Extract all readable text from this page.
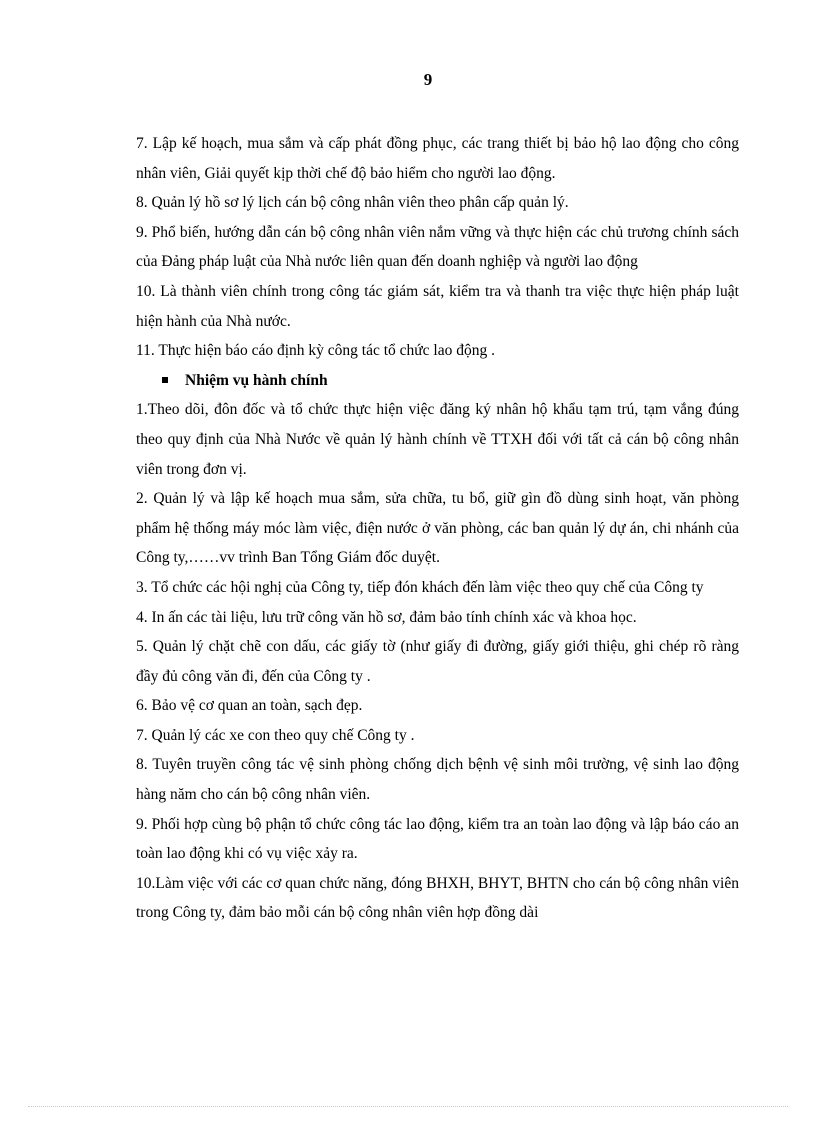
9

7. Lập kế hoạch, mua sắm và cấp phát đồng phục, các trang thiết bị bảo hộ lao động cho công nhân viên, Giải quyết kịp thời chế độ bảo hiểm cho người lao động.

8. Quản lý hồ sơ lý lịch cán bộ công nhân viên theo phân cấp quản lý.

9. Phổ biến, hướng dẫn cán bộ công nhân viên nắm vững và thực hiện các chủ trương chính sách của Đảng pháp luật của Nhà nước liên quan đến doanh nghiệp và người lao động

10. Là thành viên chính trong công tác giám sát, kiểm tra và thanh tra việc thực hiện pháp luật hiện hành của Nhà nước.

11. Thực hiện báo cáo định kỳ công tác tổ chức lao động .

Nhiệm vụ hành chính

1.Theo dõi, đôn đốc và tổ chức thực hiện việc đăng ký nhân hộ khẩu tạm trú, tạm vắng đúng theo quy định của Nhà Nước về quản lý hành chính về TTXH đối với tất cả cán bộ công nhân viên trong đơn vị.

2. Quản lý và lập kế hoạch mua sắm, sửa chữa, tu bổ, giữ gìn đồ dùng sinh hoạt, văn phòng phẩm hệ thống máy móc làm việc, điện nước ở văn phòng, các ban quản lý dự án, chi nhánh của Công ty,……vv trình Ban Tổng Giám đốc duyệt.

3. Tổ chức các hội nghị của Công ty, tiếp đón khách đến làm việc theo quy chế của Công ty

4. In ấn các tài liệu, lưu trữ công văn hồ sơ, đảm bảo tính chính xác và khoa học.

5. Quản lý chặt chẽ con dấu, các giấy tờ (như giấy đi đường, giấy giới thiệu, ghi chép rõ ràng đầy đủ công văn đi, đến của Công ty .

6. Bảo vệ cơ quan an toàn, sạch đẹp.

7. Quản lý các xe con theo quy chế Công ty .

8. Tuyên truyền công tác vệ sinh phòng chống dịch bệnh vệ sinh môi trường, vệ sinh lao động hàng năm cho cán bộ công nhân viên.

9. Phối hợp cùng bộ phận tổ chức công tác lao động, kiểm tra an toàn lao động và lập báo cáo an toàn lao động khi có vụ việc xảy ra.

10.Làm việc với các cơ quan chức năng, đóng BHXH, BHYT, BHTN cho cán bộ công nhân viên trong Công ty, đảm bảo mỗi cán bộ công nhân viên hợp đồng dài
